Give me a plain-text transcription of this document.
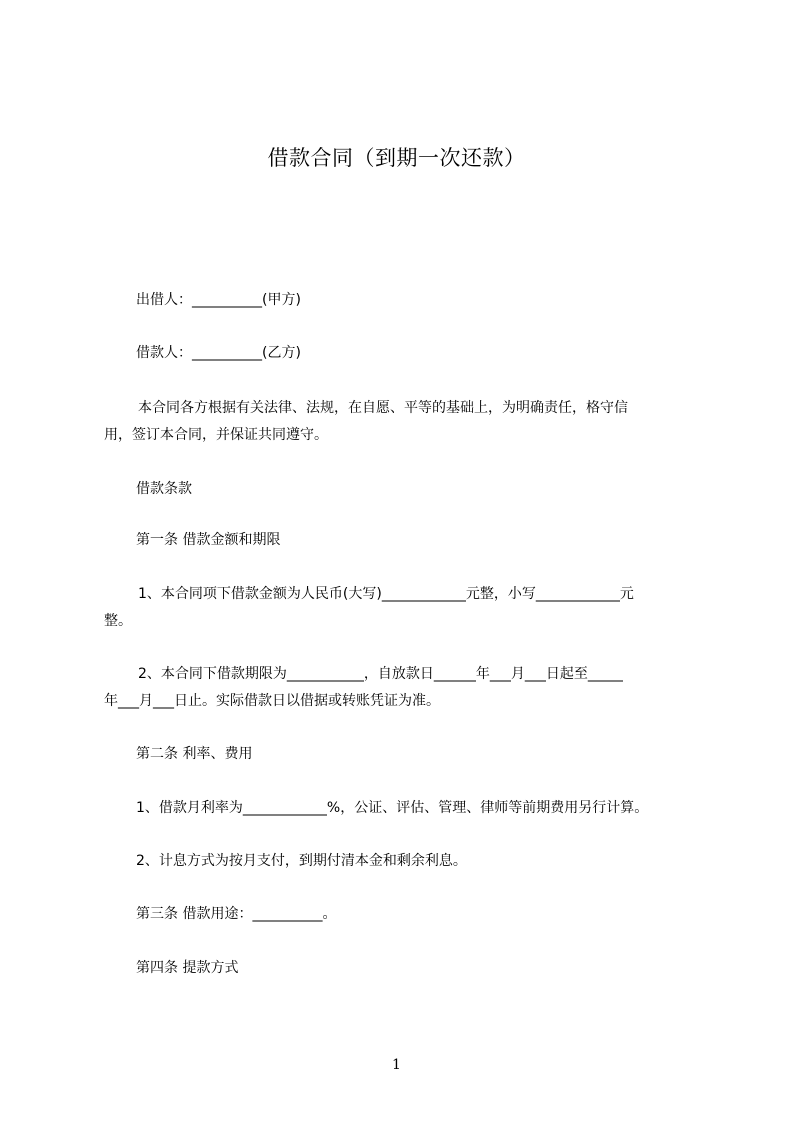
借款合同（到期一次还款）
出借人：__________(甲方)
借款人：__________(乙方)
本合同各方根据有关法律、法规，在自愿、平等的基础上，为明确责任，格守信
用，签订本合同，并保证共同遵守。
借款条款
第一条 借款金额和期限
1、本合同项下借款金额为人民币(大写)____________元整，小写____________元
整。
2、本合同下借款期限为___________，自放款日______年___月___日起至_____
年___月___日止。实际借款日以借据或转账凭证为准。
第二条 利率、费用
1、借款月利率为____________%，公证、评估、管理、律师等前期费用另行计算。
2、计息方式为按月支付，到期付清本金和剩余利息。
第三条 借款用途：__________。
第四条 提款方式
1
